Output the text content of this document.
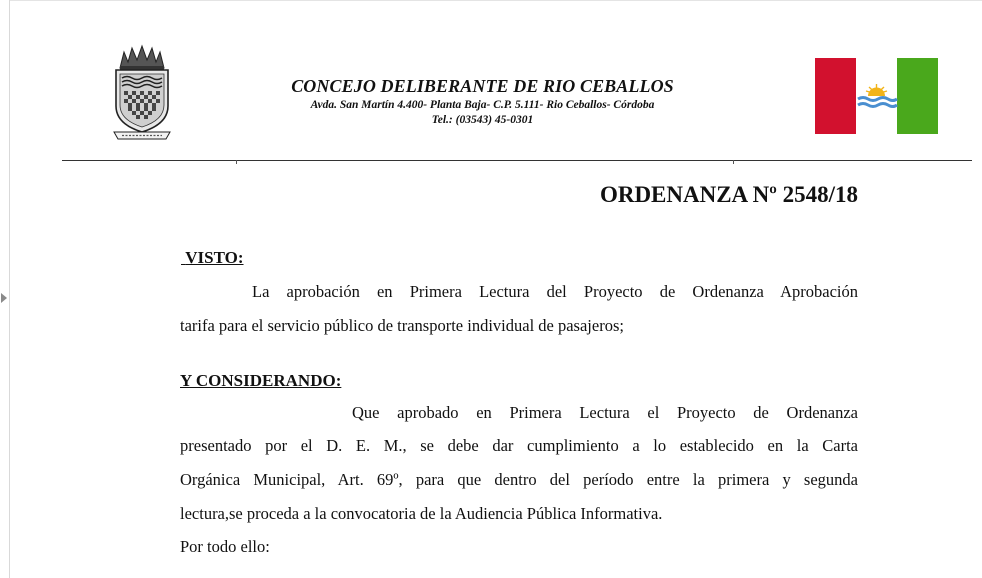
CONCEJO DELIBERANTE DE RIO CEBALLOS
Avda. San Martín 4.400- Planta Baja- C.P. 5.111- Rio Ceballos- Córdoba
Tel.: (03543) 45-0301
ORDENANZA Nº 2548/18
VISTO:
La aprobación en Primera Lectura del Proyecto de Ordenanza Aprobación
tarifa para el servicio público de transporte individual de pasajeros;
Y CONSIDERANDO:
Que aprobado en Primera Lectura el Proyecto de Ordenanza
presentado por el D. E. M., se debe dar cumplimiento a lo establecido en la Carta
Orgánica Municipal, Art. 69º, para que dentro del período entre la primera y segunda
lectura,se proceda a la convocatoria de la Audiencia Pública Informativa.
Por todo ello:
